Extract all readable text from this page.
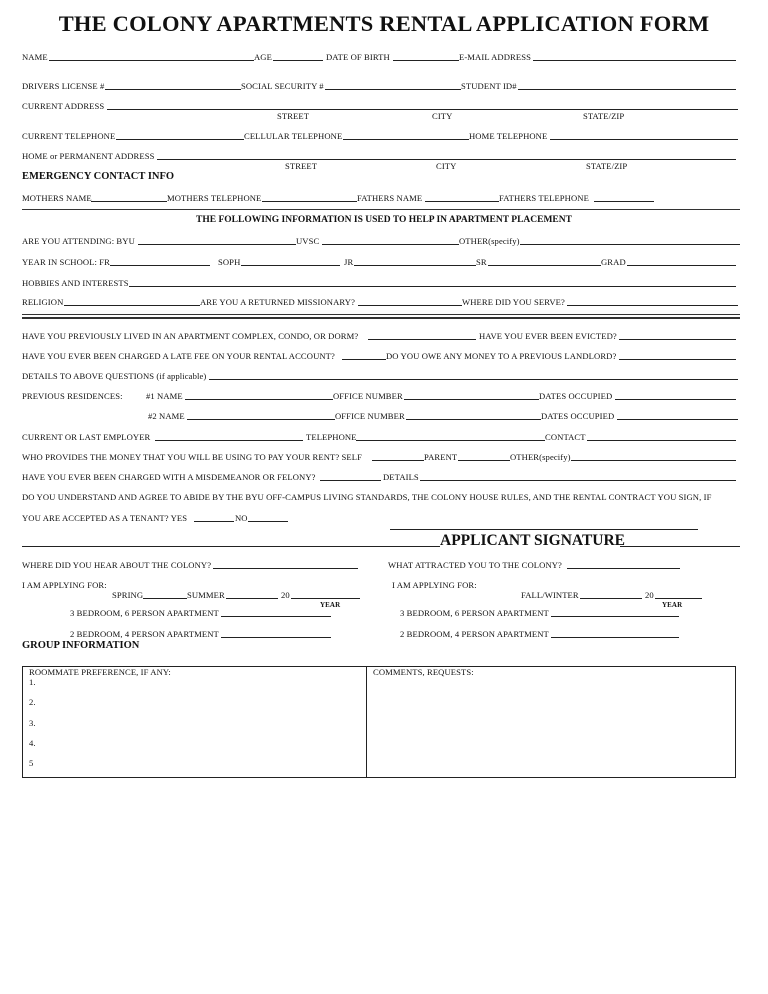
THE COLONY APARTMENTS RENTAL APPLICATION FORM
NAME	AGE	DATE OF BIRTH	E-MAIL ADDRESS
DRIVERS LICENSE #	SOCIAL SECURITY #	STUDENT ID#
CURRENT ADDRESS
STREET	CITY	STATE/ZIP
CURRENT TELEPHONE	CELLULAR TELEPHONE	HOME TELEPHONE
HOME or PERMANENT ADDRESS
STREET	CITY	STATE/ZIP
EMERGENCY CONTACT INFO
MOTHERS NAME	MOTHERS TELEPHONE	FATHERS NAME	FATHERS TELEPHONE
THE FOLLOWING INFORMATION IS USED TO HELP IN APARTMENT PLACEMENT
ARE YOU ATTENDING: BYU	UVSC	OTHER(specify)
YEAR IN SCHOOL: FR	SOPH	JR	SR	GRAD
HOBBIES AND INTERESTS
RELIGION	ARE YOU A RETURNED MISSIONARY?	WHERE DID YOU SERVE?
HAVE YOU PREVIOUSLY LIVED IN AN APARTMENT COMPLEX, CONDO, OR DORM?	HAVE YOU EVER BEEN EVICTED?
HAVE YOU EVER BEEN CHARGED A LATE FEE ON YOUR RENTAL ACCOUNT?	DO YOU OWE ANY MONEY TO A PREVIOUS LANDLORD?
DETAILS TO ABOVE QUESTIONS (if applicable)
PREVIOUS RESIDENCES:	#1 NAME	OFFICE NUMBER	DATES OCCUPIED
#2 NAME	OFFICE NUMBER	DATES OCCUPIED
CURRENT OR LAST EMPLOYER	TELEPHONE	CONTACT
WHO PROVIDES THE MONEY THAT YOU WILL BE USING TO PAY YOUR RENT? SELF	PARENT	OTHER(specify)
HAVE YOU EVER BEEN CHARGED WITH A MISDEMEANOR OR FELONY?	DETAILS
DO YOU UNDERSTAND AND AGREE TO ABIDE BY THE BYU OFF-CAMPUS LIVING STANDARDS, THE COLONY HOUSE RULES, AND THE RENTAL CONTRACT YOU SIGN, IF
YOU ARE ACCEPTED AS A TENANT? YES	NO
APPLICANT SIGNATURE
WHERE DID YOU HEAR ABOUT THE COLONY?	WHAT ATTRACTED YOU TO THE COLONY?
I AM APPLYING FOR:
SPRING	SUMMER	20
YEAR
3 BEDROOM, 6 PERSON APARTMENT
2 BEDROOM, 4 PERSON APARTMENT
I AM APPLYING FOR:
FALL/WINTER	20
YEAR
3 BEDROOM, 6 PERSON APARTMENT
2 BEDROOM, 4 PERSON APARTMENT
GROUP INFORMATION
ROOMMATE PREFERENCE, IF ANY:
1.
2.
3.
4.
5
COMMENTS, REQUESTS:
